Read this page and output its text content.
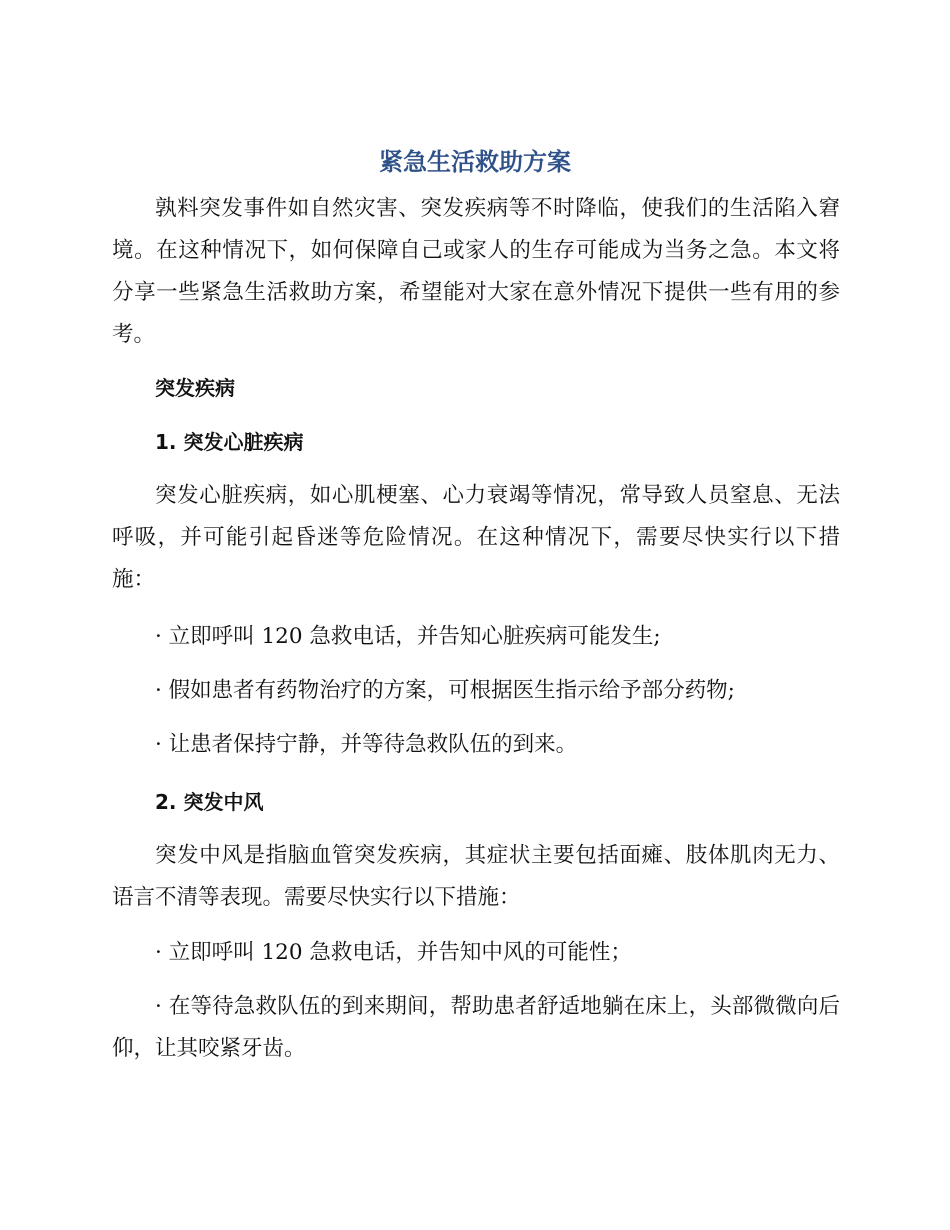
紧急生活救助方案

孰料突发事件如自然灾害、突发疾病等不时降临，使我们的生活陷入窘境。在这种情况下，如何保障自己或家人的生存可能成为当务之急。本文将分享一些紧急生活救助方案，希望能对大家在意外情况下提供一些有用的参考。

突发疾病
1. 突发心脏疾病

突发心脏疾病，如心肌梗塞、心力衰竭等情况，常导致人员窒息、无法呼吸，并可能引起昏迷等危险情况。在这种情况下，需要尽快实行以下措施：

· 立即呼叫 120 急救电话，并告知心脏疾病可能发生;

· 假如患者有药物治疗的方案，可根据医生指示给予部分药物;

· 让患者保持宁静，并等待急救队伍的到来。

2. 突发中风

突发中风是指脑血管突发疾病，其症状主要包括面瘫、肢体肌肉无力、语言不清等表现。需要尽快实行以下措施：

· 立即呼叫 120 急救电话，并告知中风的可能性；

· 在等待急救队伍的到来期间，帮助患者舒适地躺在床上，头部微微向后仰，让其咬紧牙齿。
